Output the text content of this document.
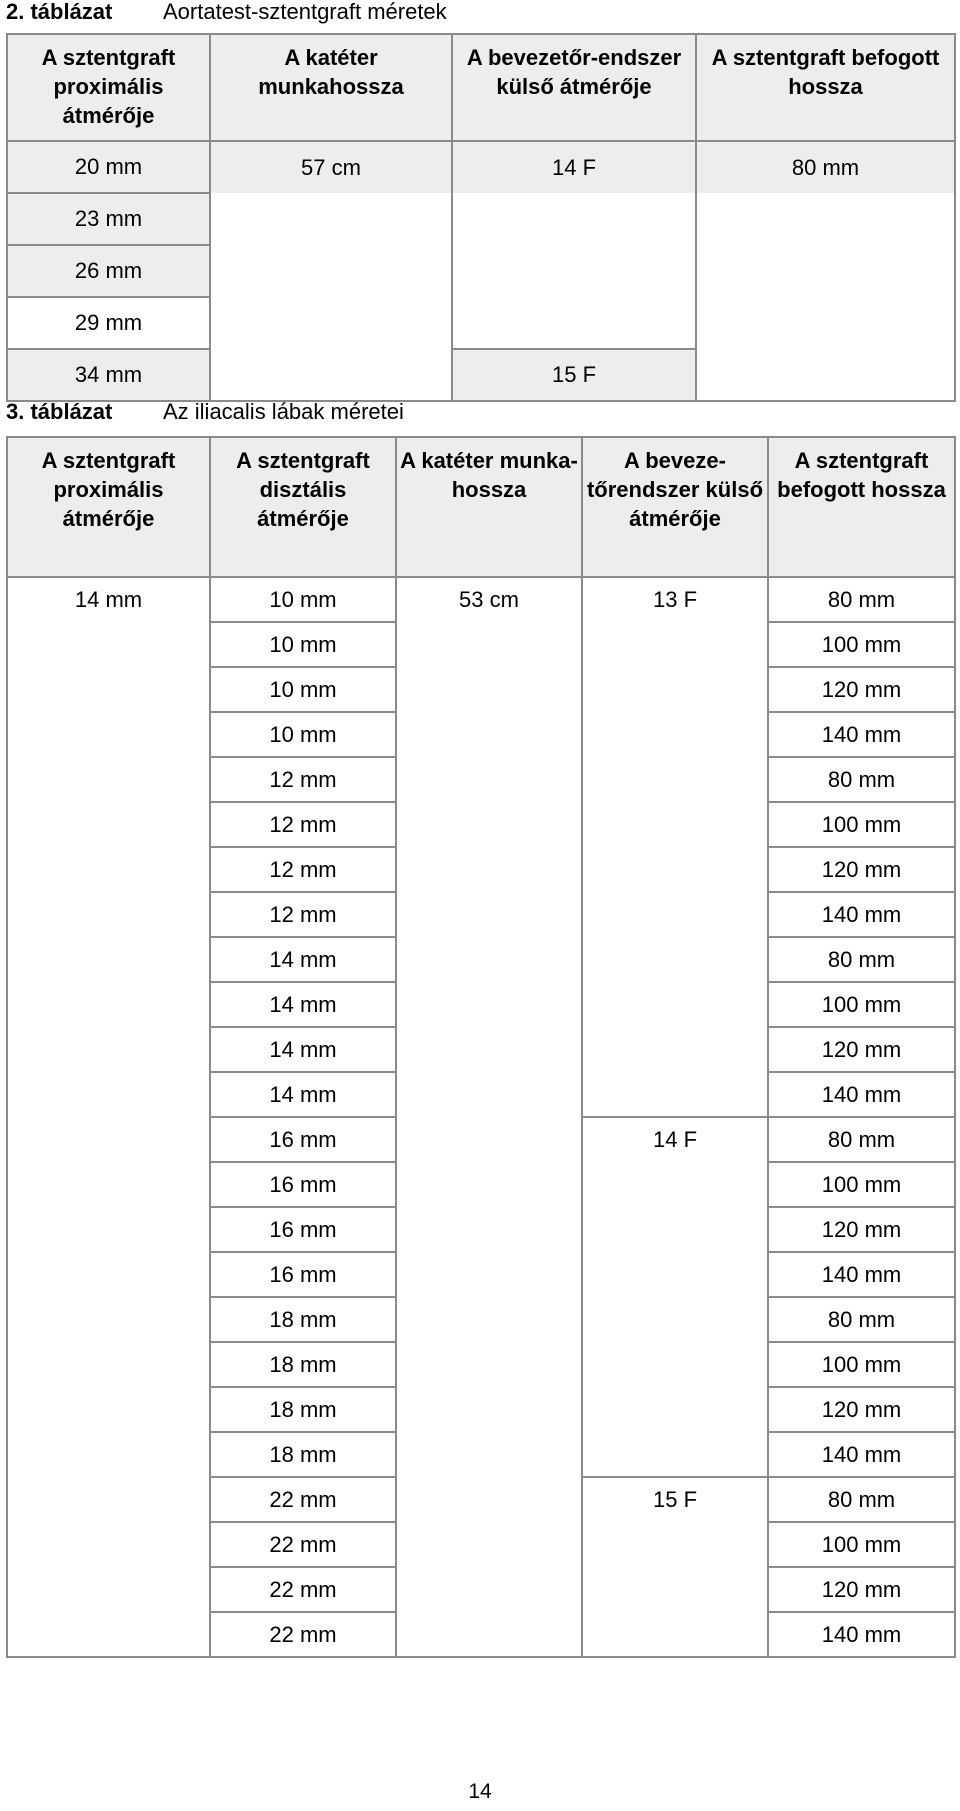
2. táblázat Aortatest-sztentgraft méretek
A sztentgraft proximális átmérője	A katéter munkahossza	A bevezetőr-endszer külső átmérője	A sztentgraft befogott hossza
20 mm	57 cm	14 F	80 mm
23 mm			
26 mm			
29 mm			
34 mm		15 F	
3. táblázat Az iliacalis lábak méretei
A sztentgraft proximális átmérője	A sztentgraft disztális átmérője	A katéter munka-hossza	A beveze-tőrendszer külső átmérője	A sztentgraft befogott hossza
14 mm	10 mm	53 cm	13 F	80 mm
	10 mm			100 mm
	10 mm			120 mm
	10 mm			140 mm
	12 mm			80 mm
	12 mm			100 mm
	12 mm			120 mm
	12 mm			140 mm
	14 mm			80 mm
	14 mm			100 mm
	14 mm			120 mm
	14 mm			140 mm
	16 mm		14 F	80 mm
	16 mm			100 mm
	16 mm			120 mm
	16 mm			140 mm
	18 mm			80 mm
	18 mm			100 mm
	18 mm			120 mm
	18 mm			140 mm
	22 mm		15 F	80 mm
	22 mm			100 mm
	22 mm			120 mm
	22 mm			140 mm
14
